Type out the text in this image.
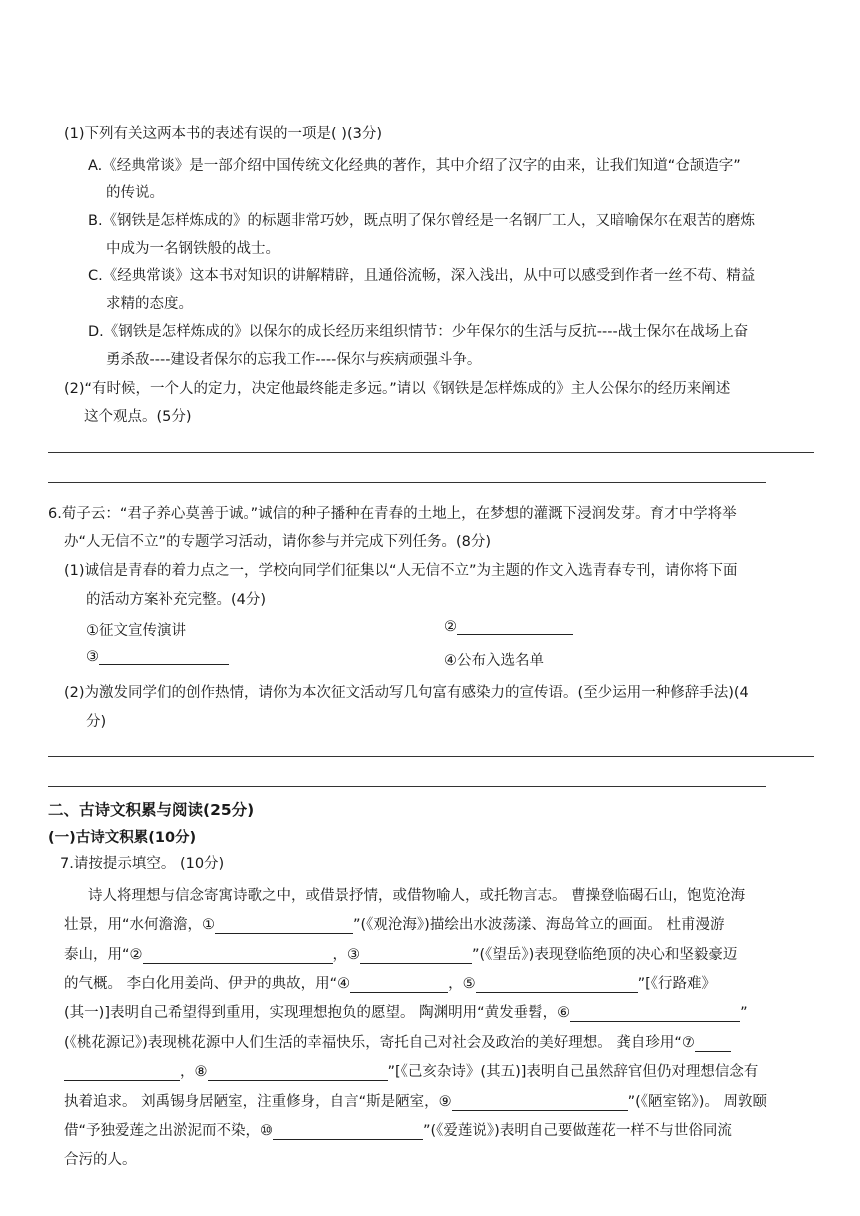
(1)下列有关这两本书的表述有误的一项是( )(3分)
A.《经典常谈》是一部介绍中国传统文化经典的著作，其中介绍了汉字的由来，让我们知道“仓颉造字”
的传说。
B.《钢铁是怎样炼成的》的标题非常巧妙，既点明了保尔曾经是一名钢厂工人，又暗喻保尔在艰苦的磨炼
中成为一名钢铁般的战士。
C.《经典常谈》这本书对知识的讲解精辟，且通俗流畅，深入浅出，从中可以感受到作者一丝不苟、精益
求精的态度。
D.《钢铁是怎样炼成的》以保尔的成长经历来组织情节：少年保尔的生活与反抗----战士保尔在战场上奋
勇杀敌----建设者保尔的忘我工作----保尔与疾病顽强斗争。
(2)“有时候，一个人的定力，决定他最终能走多远。”请以《钢铁是怎样炼成的》主人公保尔的经历来阐述
这个观点。(5分)
6.荀子云：“君子养心莫善于诚。”诚信的种子播种在青春的土地上，在梦想的灌溉下浸润发芽。育才中学将举
办“人无信不立”的专题学习活动，请你参与并完成下列任务。(8分)
(1)诚信是青春的着力点之一，学校向同学们征集以“人无信不立”为主题的作文入选青春专刊，请你将下面
的活动方案补充完整。(4分)
①征文宣传演讲	②
③	④公布入选名单
(2)为激发同学们的创作热情，请你为本次征文活动写几句富有感染力的宣传语。(至少运用一种修辞手法)(4
分)
二、古诗文积累与阅读(25分)
(一)古诗文积累(10分)
7.请按提示填空。 (10分)
诗人将理想与信念寄寓诗歌之中，或借景抒情，或借物喻人，或托物言志。 曹操登临碣石山，饱览沧海
壮景，用“水何澹澹，①	”(《观沧海》)描绘出水波荡漾、海岛耸立的画面。 杜甫漫游
泰山，用“②	，③	”(《望岳》)表现登临绝顶的决心和坚毅豪迈
的气概。 李白化用姜尚、伊尹的典故，用“④	，⑤	”[《行路难》
(其一)]表明自己希望得到重用，实现理想抱负的愿望。 陶渊明用“黄发垂髫，⑥	”
(《桃花源记》)表现桃花源中人们生活的幸福快乐，寄托自己对社会及政治的美好理想。 龚自珍用“⑦
，⑧	”[《己亥杂诗》(其五)]表明自己虽然辞官但仍对理想信念有
执着追求。 刘禹锡身居陋室，注重修身，自言“斯是陋室，⑨	”(《陋室铭》)。 周敦颐
借“予独爱莲之出淤泥而不染，⑩	”(《爱莲说》)表明自己要做莲花一样不与世俗同流
合污的人。
